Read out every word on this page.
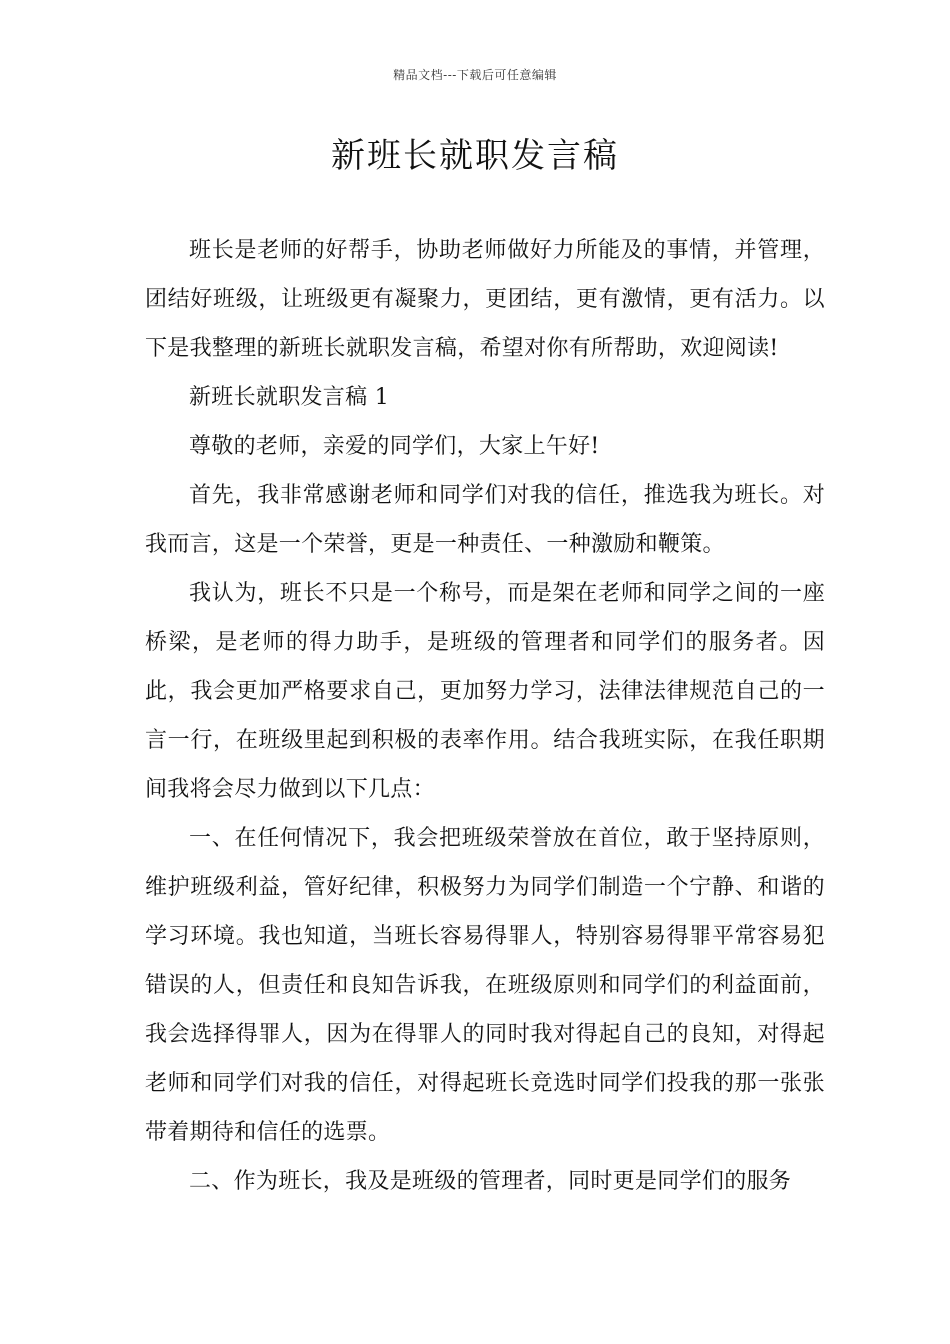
精品文档---下载后可任意编辑
新班长就职发言稿

班长是老师的好帮手，协助老师做好力所能及的事情，并管理，团结好班级，让班级更有凝聚力，更团结，更有激情，更有活力。以下是我整理的新班长就职发言稿，希望对你有所帮助，欢迎阅读!

新班长就职发言稿 1

尊敬的老师，亲爱的同学们，大家上午好!

首先，我非常感谢老师和同学们对我的信任，推选我为班长。对我而言，这是一个荣誉，更是一种责任、一种激励和鞭策。

我认为，班长不只是一个称号，而是架在老师和同学之间的一座桥梁，是老师的得力助手，是班级的管理者和同学们的服务者。因此，我会更加严格要求自己，更加努力学习，法律法律规范自己的一言一行，在班级里起到积极的表率作用。结合我班实际，在我任职期间我将会尽力做到以下几点：

一、在任何情况下，我会把班级荣誉放在首位，敢于坚持原则，维护班级利益，管好纪律，积极努力为同学们制造一个宁静、和谐的学习环境。我也知道，当班长容易得罪人，特别容易得罪平常容易犯错误的人，但责任和良知告诉我，在班级原则和同学们的利益面前，我会选择得罪人，因为在得罪人的同时我对得起自己的良知，对得起老师和同学们对我的信任，对得起班长竞选时同学们投我的那一张张带着期待和信任的选票。

二、作为班长，我及是班级的管理者，同时更是同学们的服务
